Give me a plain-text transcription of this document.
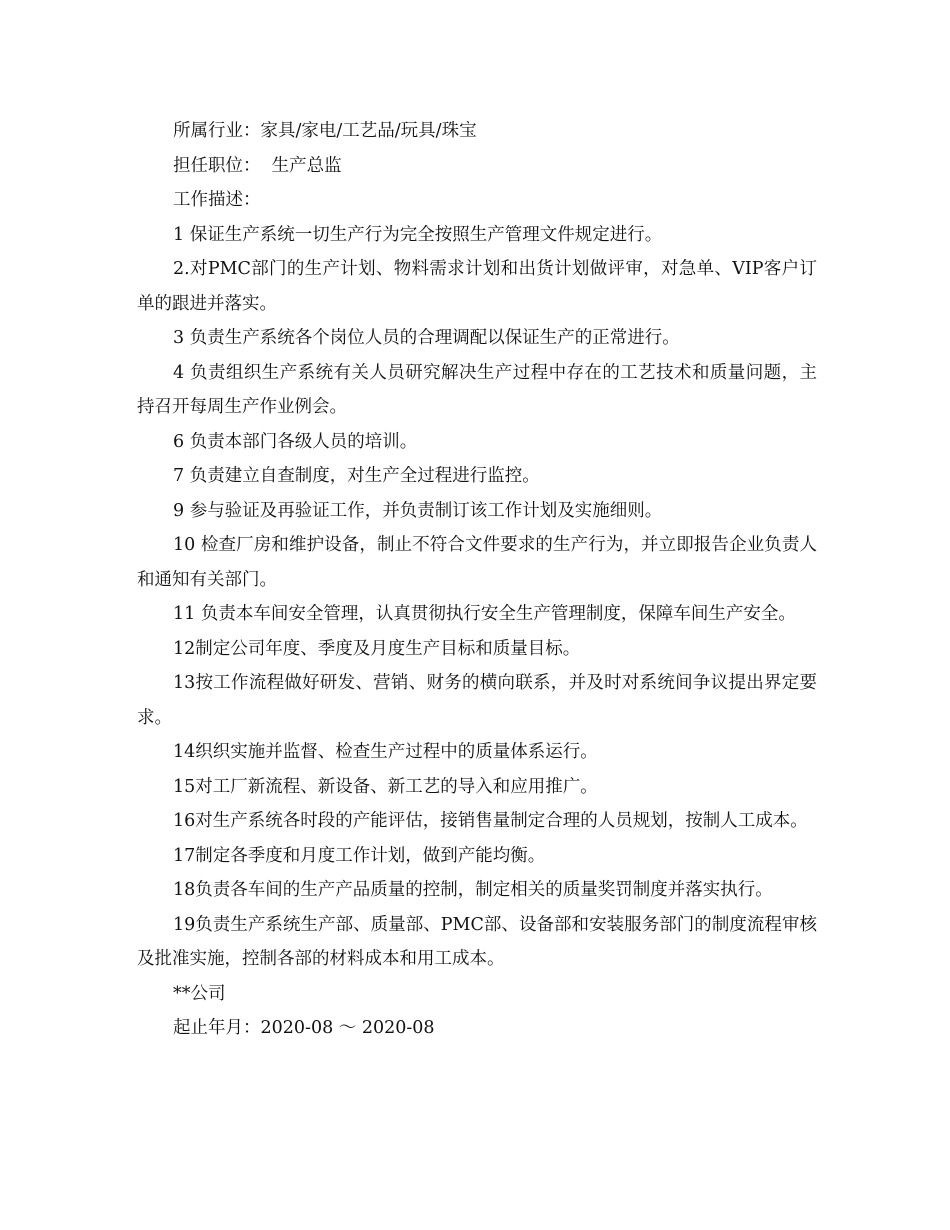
所属行业：家具/家电/工艺品/玩具/珠宝

担任职位：  生产总监

工作描述：

1 保证生产系统一切生产行为完全按照生产管理文件规定进行。

2.对PMC部门的生产计划、物料需求计划和出货计划做评审，对急单、VIP客户订单的跟进并落实。

3 负责生产系统各个岗位人员的合理调配以保证生产的正常进行。

4 负责组织生产系统有关人员研究解决生产过程中存在的工艺技术和质量问题，主持召开每周生产作业例会。

6 负责本部门各级人员的培训。

7 负责建立自查制度，对生产全过程进行监控。

9 参与验证及再验证工作，并负责制订该工作计划及实施细则。

10 检查厂房和维护设备，制止不符合文件要求的生产行为，并立即报告企业负责人和通知有关部门。

11 负责本车间安全管理，认真贯彻执行安全生产管理制度，保障车间生产安全。

12制定公司年度、季度及月度生产目标和质量目标。

13按工作流程做好研发、营销、财务的横向联系，并及时对系统间争议提出界定要求。

14织织实施并监督、检查生产过程中的质量体系运行。

15对工厂新流程、新设备、新工艺的导入和应用推广。

16对生产系统各时段的产能评估，接销售量制定合理的人员规划，按制人工成本。

17制定各季度和月度工作计划，做到产能均衡。

18负责各车间的生产产品质量的控制，制定相关的质量奖罚制度并落实执行。

19负责生产系统生产部、质量部、PMC部、设备部和安装服务部门的制度流程审核及批准实施，控制各部的材料成本和用工成本。

**公司

起止年月：2020-08 ～ 2020-08
